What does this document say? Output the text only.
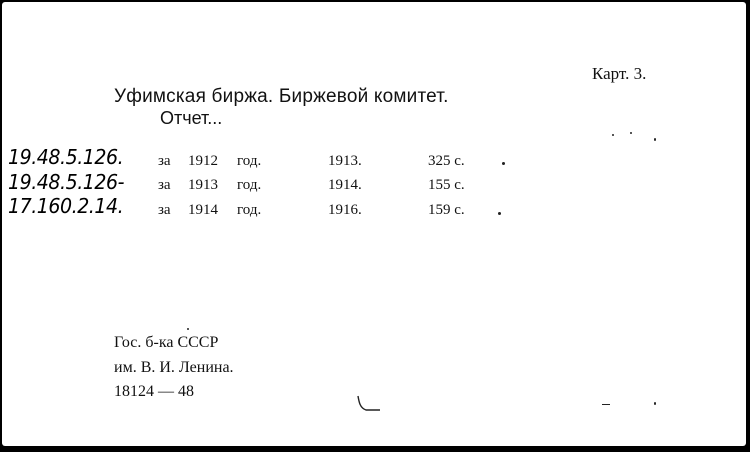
Карт. 3.
Уфимская биржа. Биржевой комитет.
Отчет...
19.48.5.126. за 1912 год.	1913.	325 с.
19.48.5.126- за 1913 год.	1914.	155 с.
17.160.2.14. за 1914 год.	1916.	159 с.
Гос. б-ка СССР
им. В. И. Ленина.
18124 — 48
